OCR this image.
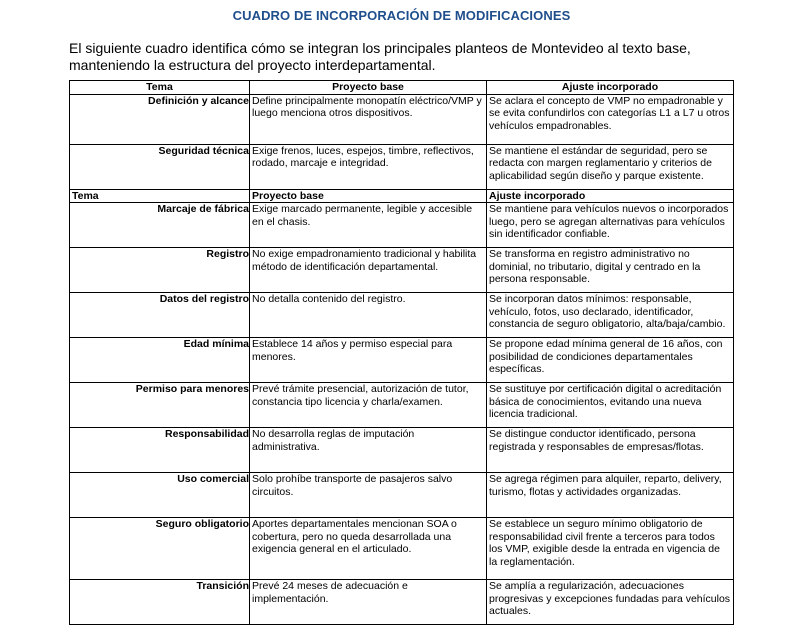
CUADRO DE INCORPORACIÓN DE MODIFICACIONES
El siguiente cuadro identifica cómo se integran los principales planteos de Montevideo al texto base,
manteniendo la estructura del proyecto interdepartamental.
Tema	Proyecto base	Ajuste incorporado
Definición y alcance	Define principalmente monopatín eléctrico/VMP y luego menciona otros dispositivos.	Se aclara el concepto de VMP no empadronable y se evita confundirlos con categorías L1 a L7 u otros vehículos empadronables.
Seguridad técnica	Exige frenos, luces, espejos, timbre, reflectivos, rodado, marcaje e integridad.	Se mantiene el estándar de seguridad, pero se redacta con margen reglamentario y criterios de aplicabilidad según diseño y parque existente.
Tema	Proyecto base	Ajuste incorporado
Marcaje de fábrica	Exige marcado permanente, legible y accesible en el chasis.	Se mantiene para vehículos nuevos o incorporados luego, pero se agregan alternativas para vehículos sin identificador confiable.
Registro	No exige empadronamiento tradicional y habilita método de identificación departamental.	Se transforma en registro administrativo no dominial, no tributario, digital y centrado en la persona responsable.
Datos del registro	No detalla contenido del registro.	Se incorporan datos mínimos: responsable, vehículo, fotos, uso declarado, identificador, constancia de seguro obligatorio, alta/baja/cambio.
Edad mínima	Establece 14 años y permiso especial para menores.	Se propone edad mínima general de 16 años, con posibilidad de condiciones departamentales específicas.
Permiso para menores	Prevé trámite presencial, autorización de tutor, constancia tipo licencia y charla/examen.	Se sustituye por certificación digital o acreditación básica de conocimientos, evitando una nueva licencia tradicional.
Responsabilidad	No desarrolla reglas de imputación administrativa.	Se distingue conductor identificado, persona registrada y responsables de empresas/flotas.
Uso comercial	Solo prohíbe transporte de pasajeros salvo circuitos.	Se agrega régimen para alquiler, reparto, delivery, turismo, flotas y actividades organizadas.
Seguro obligatorio	Aportes departamentales mencionan SOA o cobertura, pero no queda desarrollada una exigencia general en el articulado.	Se establece un seguro mínimo obligatorio de responsabilidad civil frente a terceros para todos los VMP, exigible desde la entrada en vigencia de la reglamentación.
Transición	Prevé 24 meses de adecuación e implementación.	Se amplía a regularización, adecuaciones progresivas y excepciones fundadas para vehículos actuales.
